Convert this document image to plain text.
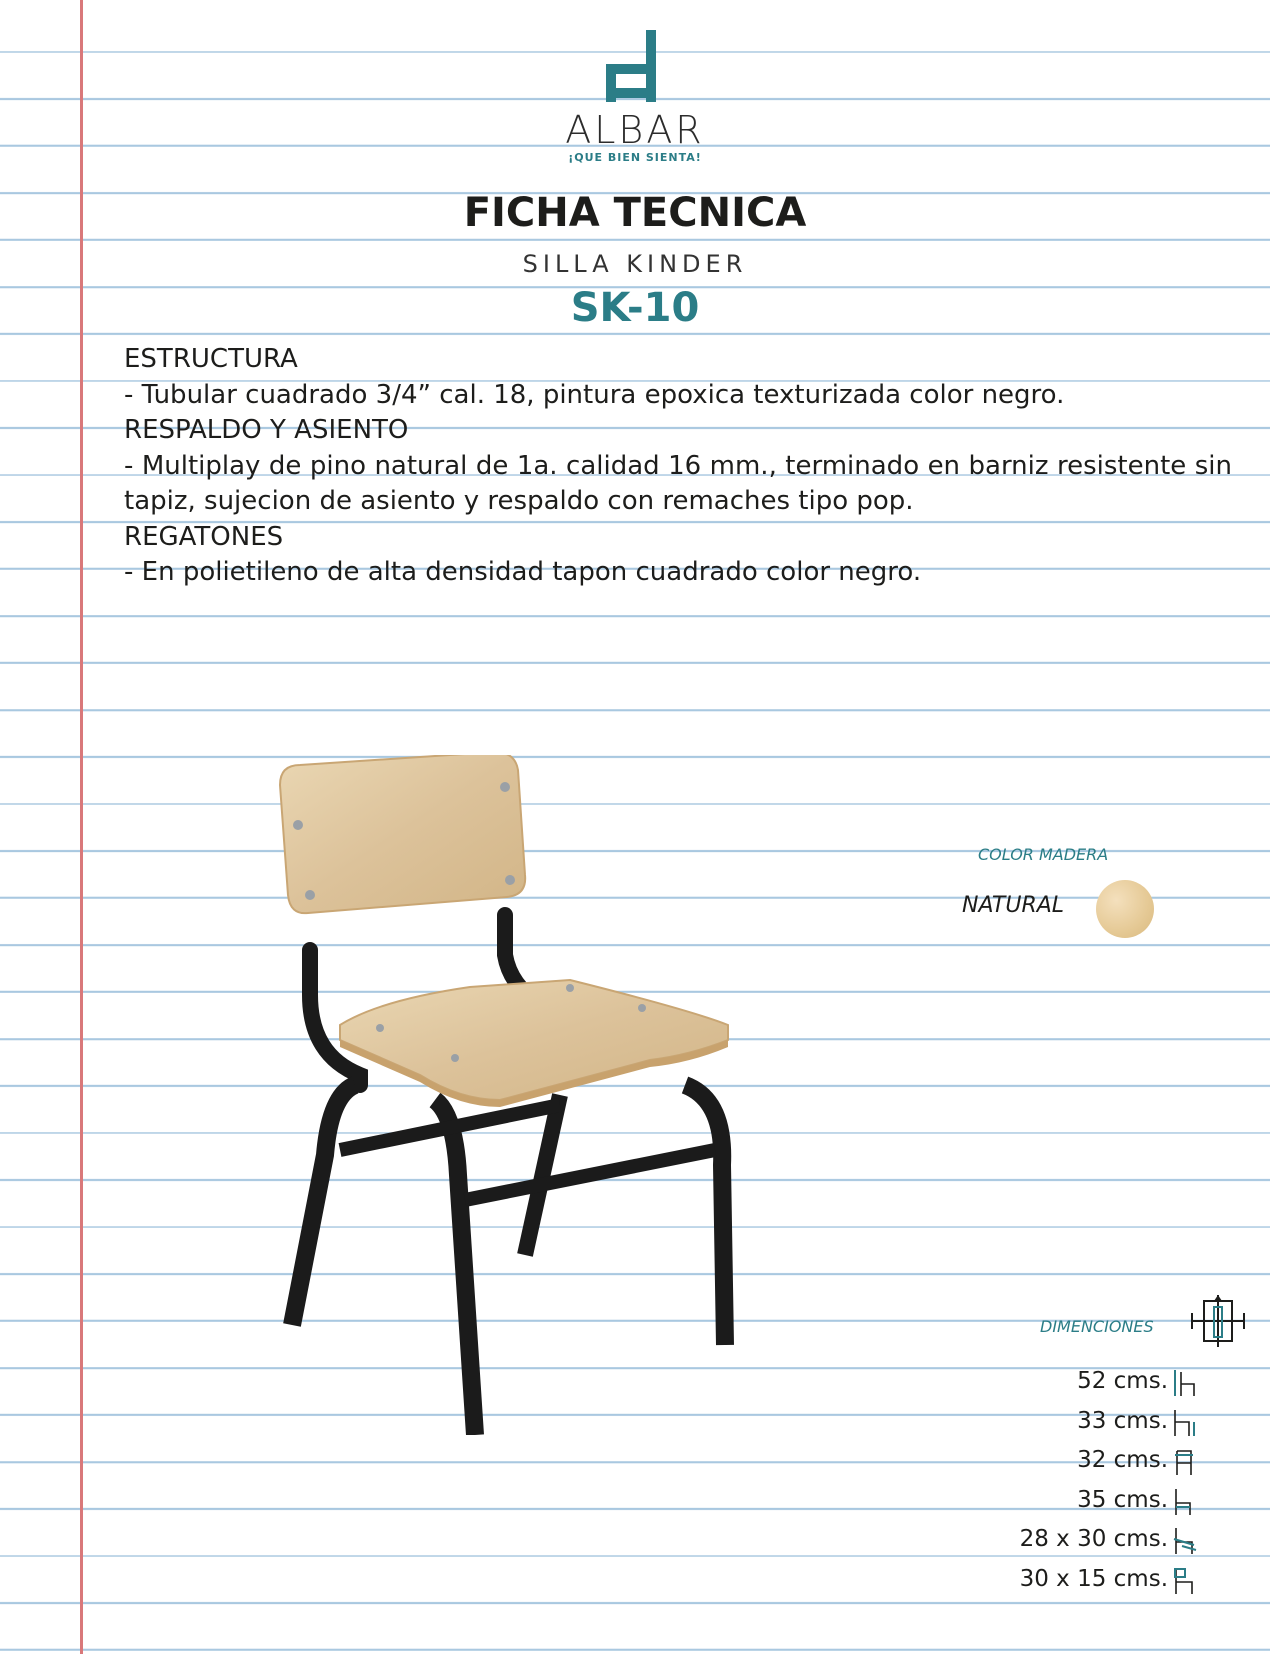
ALBAR
¡QUE BIEN SIENTA!
FICHA TECNICA
SILLA KINDER
SK-10

ESTRUCTURA

- Tubular cuadrado 3/4” cal. 18, pintura epoxica texturizada color negro.

RESPALDO Y ASIENTO

- Multiplay de pino natural de 1a. calidad 16 mm., terminado en barniz resistente sin tapiz, sujecion de asiento y respaldo con remaches tipo pop.

REGATONES

- En polietileno de alta densidad tapon cuadrado color negro.

COLOR MADERA
NATURAL
DIMENCIONES
52 cms.
33 cms.
32 cms.
35 cms.
28 x 30 cms.
30 x 15 cms.
